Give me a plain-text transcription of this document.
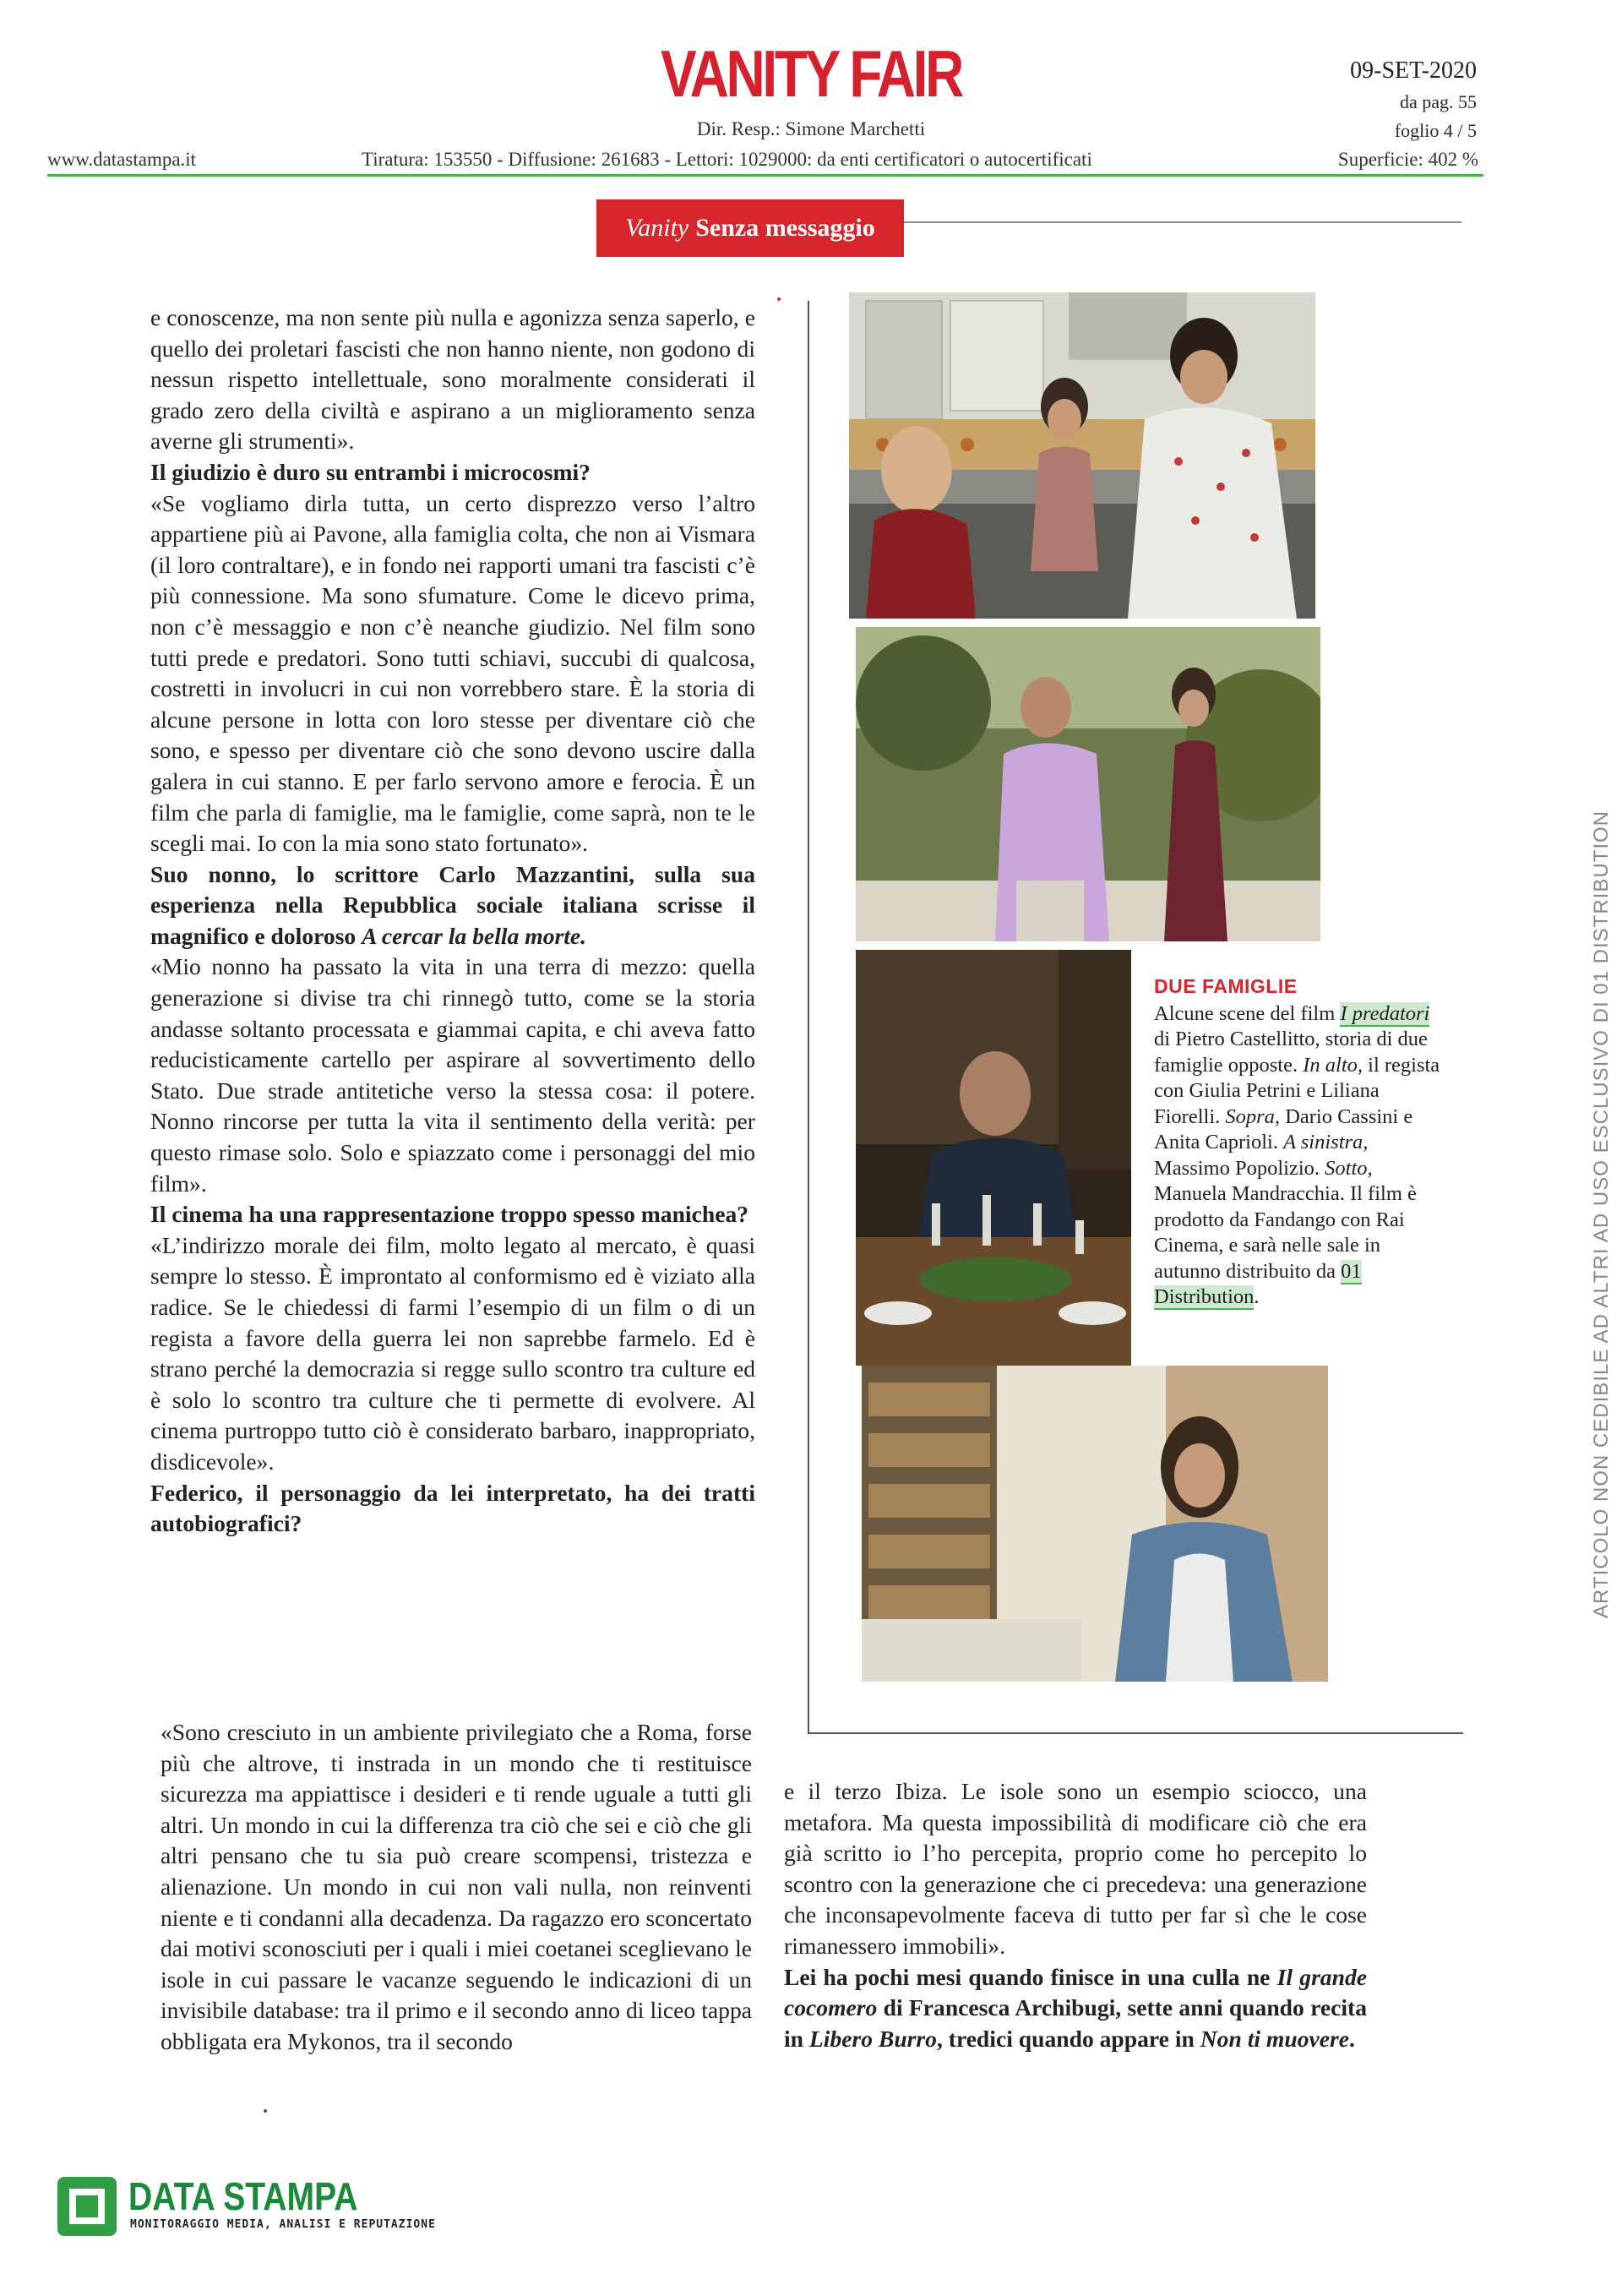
VANITY FAIR	09-SET-2020
da pag. 55
foglio 4 / 5
Dir. Resp.: Simone Marchetti
www.datastampa.it	Tiratura: 153550 - Diffusione: 261683 - Lettori: 1029000: da enti certificatori o autocertificati	Superficie: 402 %
Vanity Senza messaggio

e conoscenze, ma non sente più nulla e agonizza senza saperlo, e quello dei proletari fascisti che non hanno niente, non godono di nessun rispetto intellettuale, sono moralmente considerati il grado zero della civiltà e aspirano a un miglioramento senza averne gli strumenti».

Il giudizio è duro su entrambi i microcosmi?

«Se vogliamo dirla tutta, un certo disprezzo verso l’altro appartiene più ai Pavone, alla famiglia colta, che non ai Vismara (il loro contraltare), e in fondo nei rapporti umani tra fascisti c’è più connessione. Ma sono sfumature. Come le dicevo prima, non c’è messaggio e non c’è neanche giudizio. Nel film sono tutti prede e predatori. Sono tutti schiavi, succubi di qualcosa, costretti in involucri in cui non vorrebbero stare. È la storia di alcune persone in lotta con loro stesse per diventare ciò che sono, e spesso per diventare ciò che sono devono uscire dalla galera in cui stanno. E per farlo servono amore e ferocia. È un film che parla di famiglie, ma le famiglie, come saprà, non te le scegli mai. Io con la mia sono stato fortunato».

Suo nonno, lo scrittore Carlo Mazzantini, sulla sua esperienza nella Repubblica sociale italiana scrisse il magnifico e doloroso A cercar la bella morte.

«Mio nonno ha passato la vita in una terra di mezzo: quella generazione si divise tra chi rinnegò tutto, come se la storia andasse soltanto processata e giammai capita, e chi aveva fatto reducisticamente cartello per aspirare al sovvertimento dello Stato. Due strade antitetiche verso la stessa cosa: il potere. Nonno rincorse per tutta la vita il sentimento della verità: per questo rimase solo. Solo e spiazzato come i personaggi del mio film».

Il cinema ha una rappresentazione troppo spesso manichea?

«L’indirizzo morale dei film, molto legato al mercato, è quasi sempre lo stesso. È improntato al conformismo ed è viziato alla radice. Se le chiedessi di farmi l’esempio di un film o di un regista a favore della guerra lei non saprebbe farmelo. Ed è strano perché la democrazia si regge sullo scontro tra culture ed è solo lo scontro tra culture che ti permette di evolvere. Al cinema purtroppo tutto ciò è considerato barbaro, inappropriato, disdicevole».

Federico, il personaggio da lei interpretato, ha dei tratti autobiografici?

«Sono cresciuto in un ambiente privilegiato che a Roma, forse più che altrove, ti instrada in un mondo che ti restituisce sicurezza ma appiattisce i desideri e ti rende uguale a tutti gli altri. Un mondo in cui la differenza tra ciò che sei e ciò che gli altri pensano che tu sia può creare scompensi, tristezza e alienazione. Un mondo in cui non vali nulla, non reinventi niente e ti condanni alla decadenza. Da ragazzo ero sconcertato dai motivi sconosciuti per i quali i miei coetanei sceglievano le isole in cui passare le vacanze seguendo le indicazioni di un invisibile database: tra il primo e il secondo anno di liceo tappa obbligata era Mykonos, tra il secondo

e il terzo Ibiza. Le isole sono un esempio sciocco, una metafora. Ma questa impossibilità di modificare ciò che era già scritto io l’ho percepita, proprio come ho percepito lo scontro con la generazione che ci precedeva: una generazione che inconsapevolmente faceva di tutto per far sì che le cose rimanessero immobili».

Lei ha pochi mesi quando finisce in una culla ne Il grande cocomero di Francesca Archibugi, sette anni quando recita in Libero Burro, tredici quando appare in Non ti muovere.

DUE FAMIGLIE
Alcune scene del film I predatori di Pietro Castellitto, storia di due famiglie opposte. In alto, il regista con Giulia Petrini e Liliana Fiorelli. Sopra, Dario Cassini e Anita Caprioli. A sinistra, Massimo Popolizio. Sotto, Manuela Mandracchia. Il film è prodotto da Fandango con Rai Cinema, e sarà nelle sale in autunno distribuito da 01 Distribution.	ARTICOLO NON CEDIBILE AD ALTRI AD USO ESCLUSIVO DI 01 DISTRIBUTION
DATA STAMPA
MONITORAGGIO MEDIA, ANALISI E REPUTAZIONE
